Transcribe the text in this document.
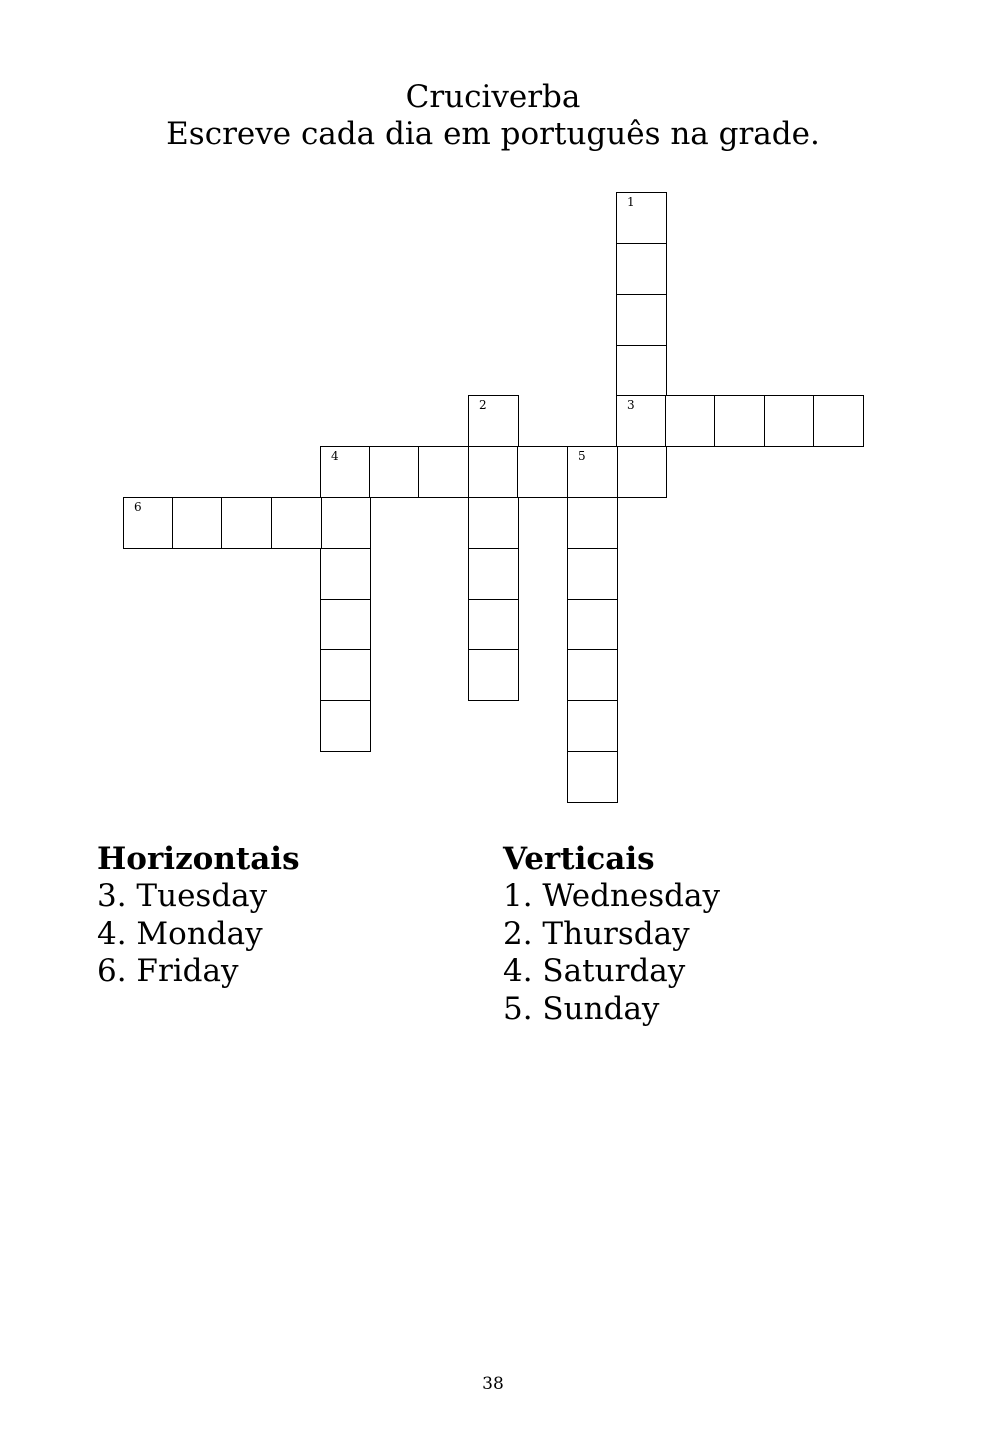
Cruciverba
Escreve cada dia em português na grade.
1
3
2
4	5
6
Horizontais
3. Tuesday
4. Monday
6. Friday
Verticais
1. Wednesday
2. Thursday
4. Saturday
5. Sunday
38
